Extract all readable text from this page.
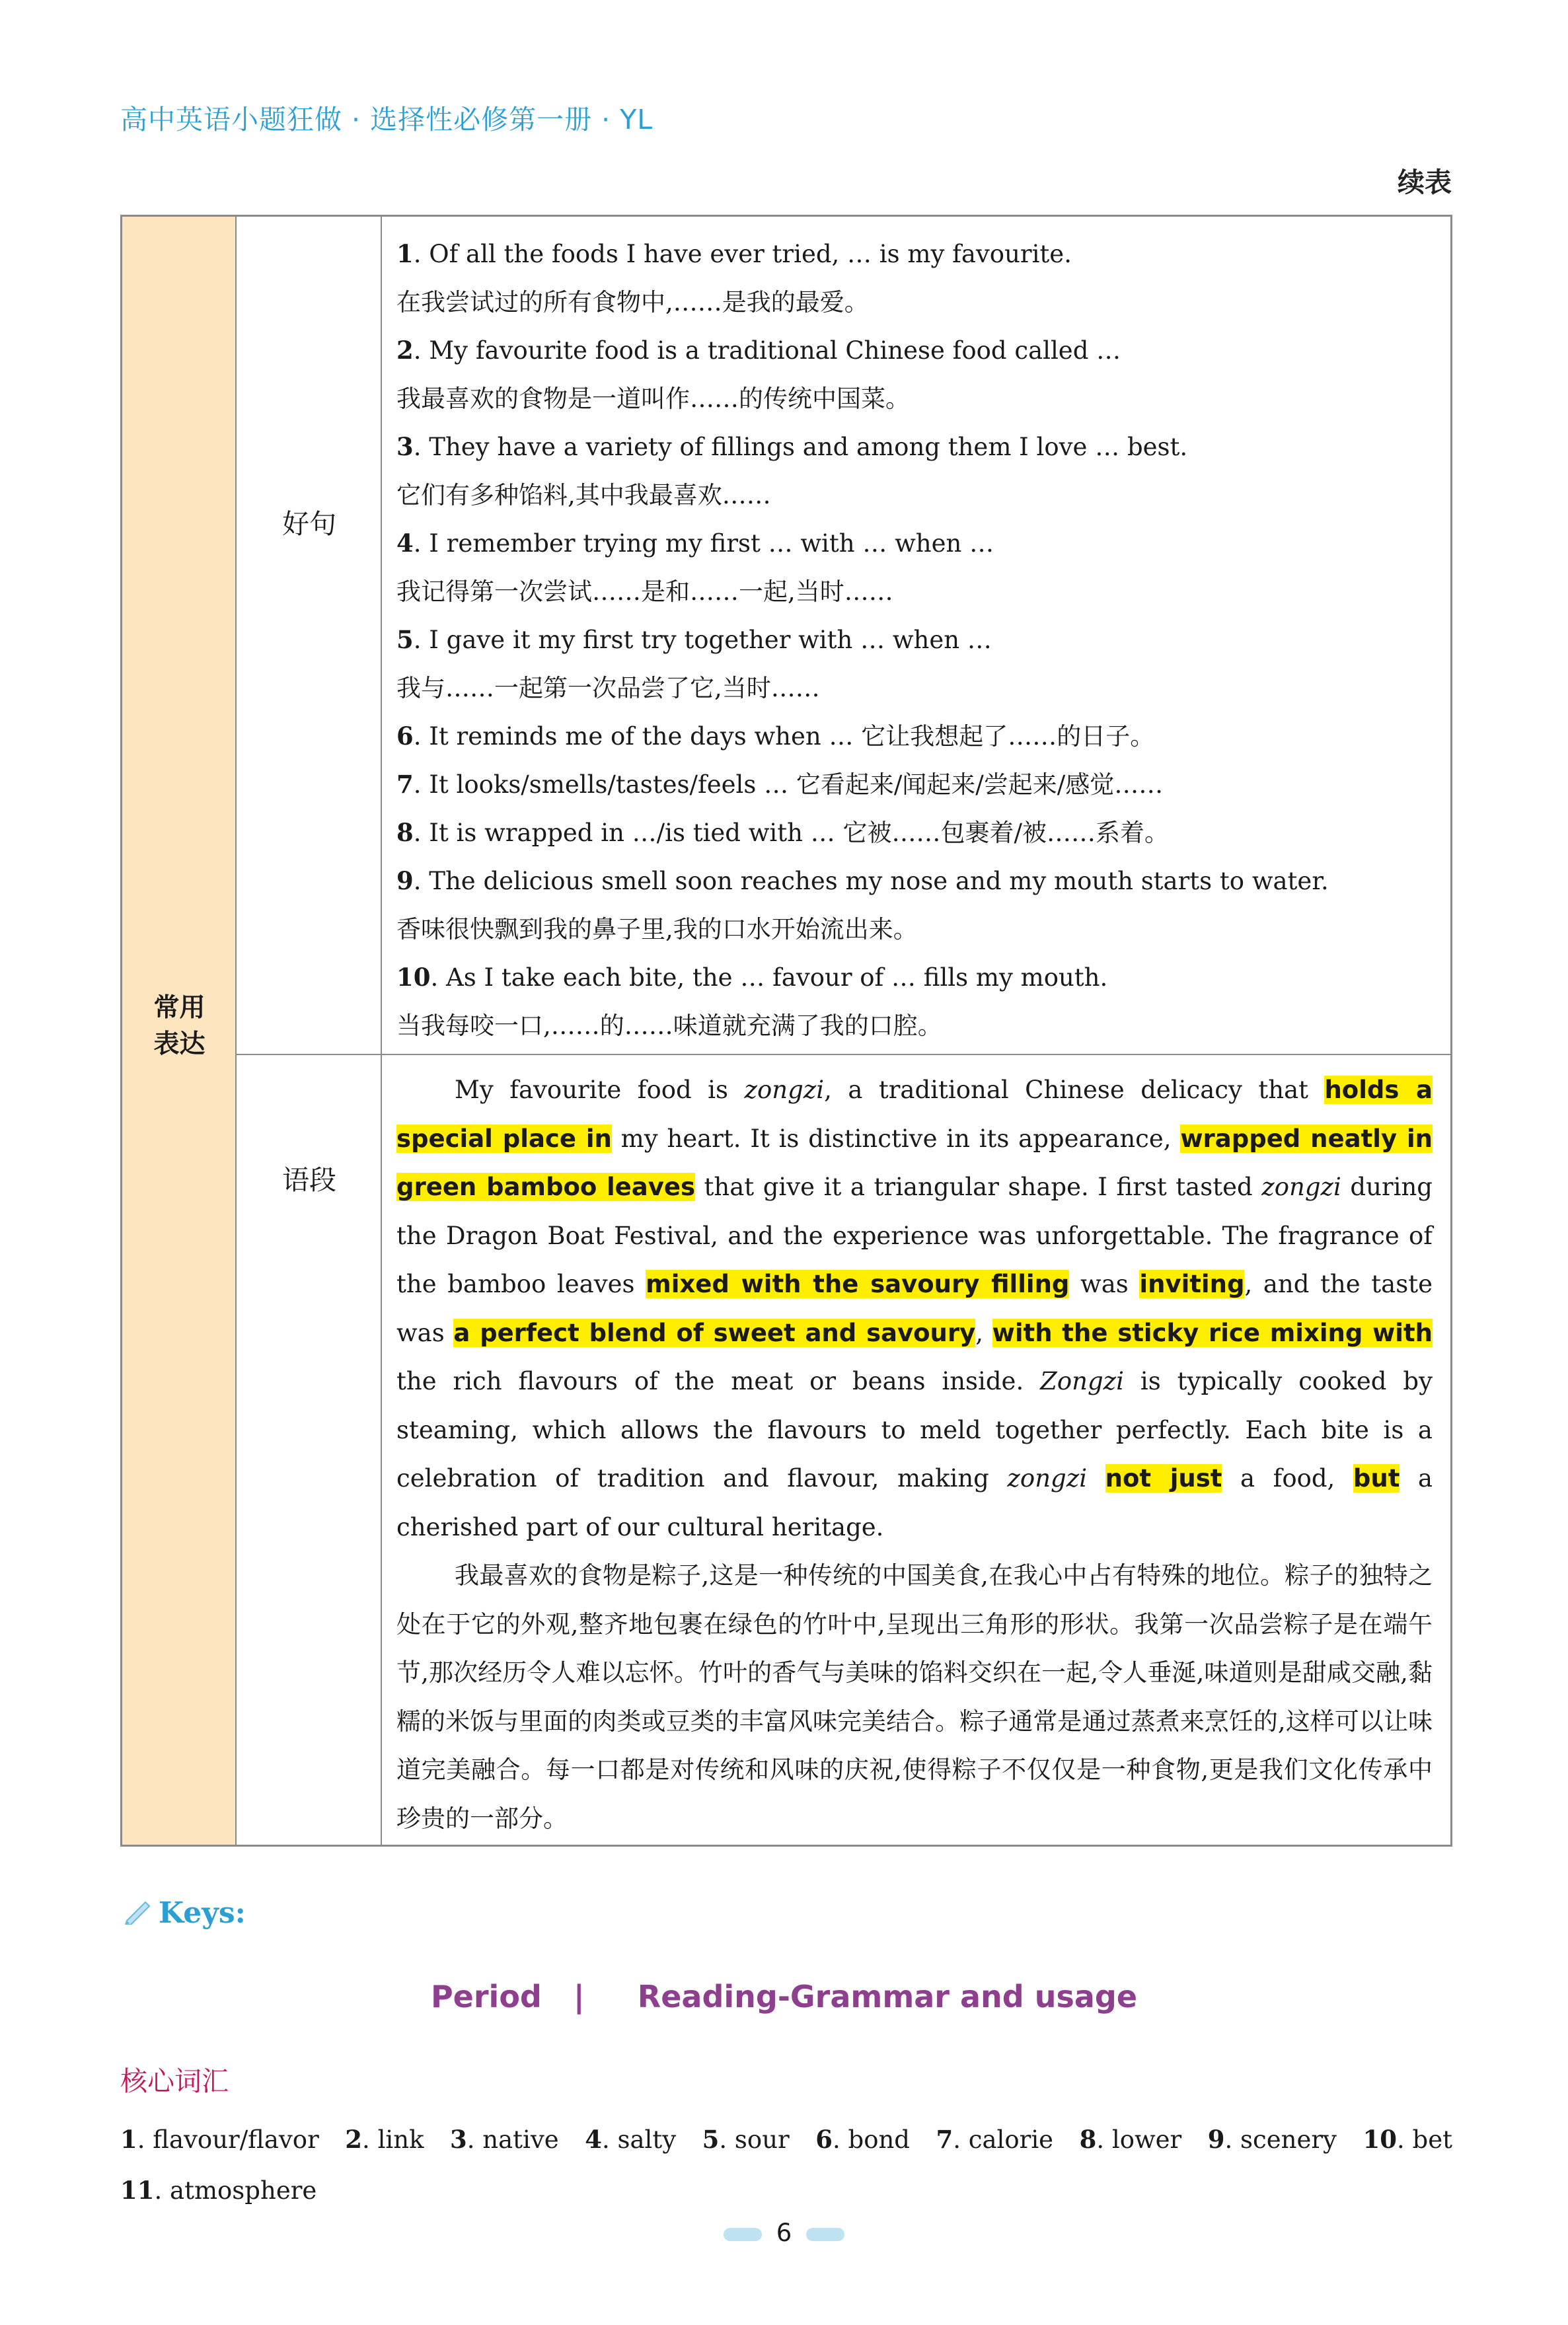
高中英语小题狂做 · 选择性必修第一册 · YL
续表
常用
表达
好句
语段
1. Of all the foods I have ever tried, … is my favourite.
在我尝试过的所有食物中,……是我的最爱。
2. My favourite food is a traditional Chinese food called …
我最喜欢的食物是一道叫作……的传统中国菜。
3. They have a variety of fillings and among them I love … best.
它们有多种馅料,其中我最喜欢……
4. I remember trying my first … with … when …
我记得第一次尝试……是和……一起,当时……
5. I gave it my first try together with … when …
我与……一起第一次品尝了它,当时……
6. It reminds me of the days when … 它让我想起了……的日子。
7. It looks/smells/tastes/feels … 它看起来/闻起来/尝起来/感觉……
8. It is wrapped in …/is tied with … 它被……包裹着/被……系着。
9. The delicious smell soon reaches my nose and my mouth starts to water.
香味很快飘到我的鼻子里,我的口水开始流出来。
10. As I take each bite, the … favour of … fills my mouth.
当我每咬一口,……的……味道就充满了我的口腔。

My favourite food is zongzi, a traditional Chinese delicacy that holds a special place in my heart. It is distinctive in its appearance, wrapped neatly in green bamboo leaves that give it a triangular shape. I first tasted zongzi during the Dragon Boat Festival, and the experience was unforgettable. The fragrance of the bamboo leaves mixed with the savoury filling was inviting, and the taste was a perfect blend of sweet and savoury, with the sticky rice mixing with the rich flavours of the meat or beans inside. Zongzi is typically cooked by steaming, which allows the flavours to meld together perfectly. Each bite is a celebration of tradition and flavour, making zongzi not just a food, but a cherished part of our cultural heritage.

我最喜欢的食物是粽子,这是一种传统的中国美食,在我心中占有特殊的地位。粽子的独特之处在于它的外观,整齐地包裹在绿色的竹叶中,呈现出三角形的形状。我第一次品尝粽子是在端午节,那次经历令人难以忘怀。竹叶的香气与美味的馅料交织在一起,令人垂涎,味道则是甜咸交融,黏糯的米饭与里面的肉类或豆类的丰富风味完美结合。粽子通常是通过蒸煮来烹饪的,这样可以让味道完美融合。每一口都是对传统和风味的庆祝,使得粽子不仅仅是一种食物,更是我们文化传承中珍贵的一部分。

Keys:
Period | Reading-Grammar and usage
核心词汇
1. flavour/flavor 2. link 3. native 4. salty 5. sour 6. bond 7. calorie 8. lower 9. scenery 10. bet
11. atmosphere
6
